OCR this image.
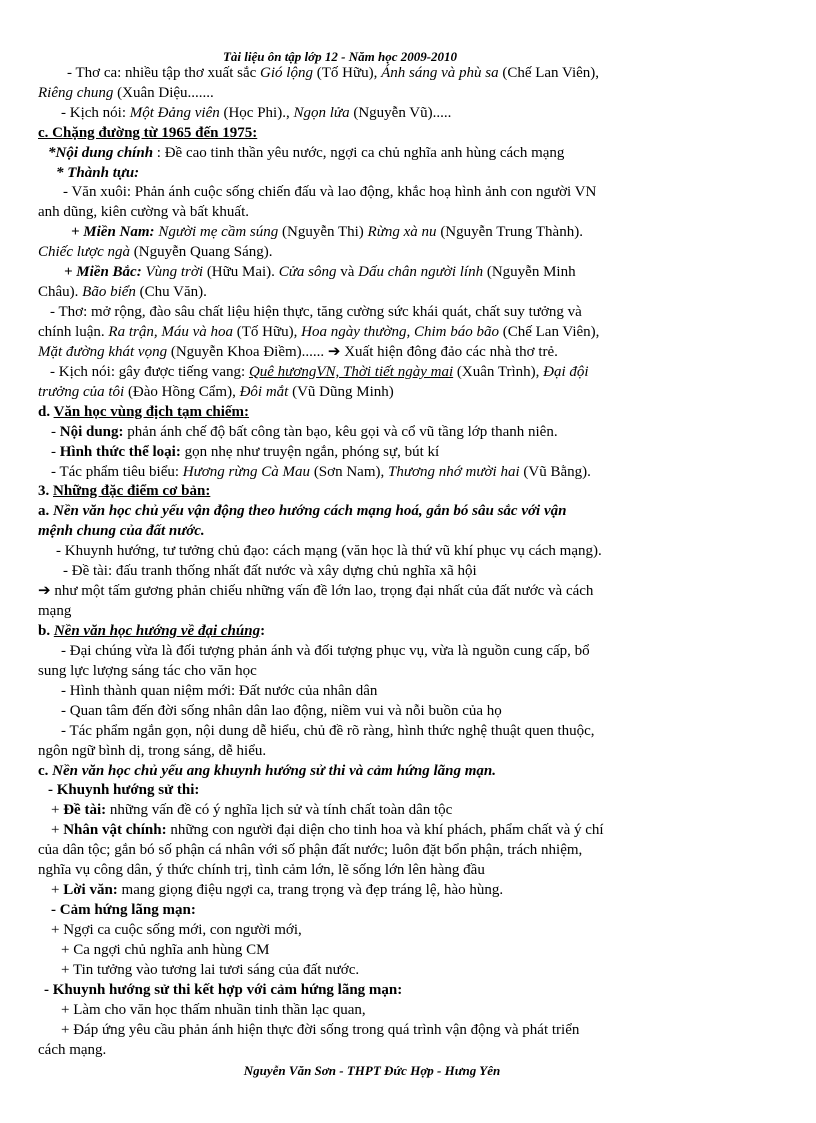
Tài liệu ôn tập lớp 12 - Năm học 2009-2010
- Thơ ca: nhiều tập thơ xuất sắc Gió lộng (Tố Hữu), Ánh sáng và phù sa (Chế Lan Viên),
Riêng chung (Xuân Diệu.......
- Kịch nói: Một Đảng viên (Học Phi)., Ngọn lửa (Nguyễn Vũ).....
c. Chặng đường từ 1965 đến 1975:
*Nội dung chính : Đề cao tinh thần yêu nước, ngợi ca chủ nghĩa anh hùng cách mạng
* Thành tựu:
- Văn xuôi: Phản ánh cuộc sống chiến đấu và lao động, khắc hoạ hình ảnh con người VN
anh dũng, kiên cường và bất khuất.
+ Miền Nam: Người mẹ cầm súng (Nguyễn Thi) Rừng xà nu (Nguyễn Trung Thành).
Chiếc lược ngà (Nguyễn Quang Sáng).
+ Miền Bắc: Vùng trời (Hữu Mai). Cửa sông và Dấu chân người lính (Nguyễn Minh
Châu). Bão biển (Chu Văn).
- Thơ: mở rộng, đào sâu chất liệu hiện thực, tăng cường sức khái quát, chất suy tưởng và
chính luận. Ra trận, Máu và hoa (Tố Hữu), Hoa ngày thường, Chim báo bão (Chế Lan Viên),
Mặt đường khát vọng (Nguyễn Khoa Điềm)...... ➔ Xuất hiện đông đảo các nhà thơ trẻ.
- Kịch nói: gây được tiếng vang: Quê hươngVN, Thời tiết ngày mai (Xuân Trình), Đại đội
trưởng của tôi (Đào Hồng Cẩm), Đôi mắt (Vũ Dũng Minh)
d. Văn học vùng địch tạm chiếm:
- Nội dung: phản ánh chế độ bất công tàn bạo, kêu gọi và cổ vũ tầng lớp thanh niên.
- Hình thức thể loại: gọn nhẹ như truyện ngắn, phóng sự, bút kí
- Tác phẩm tiêu biểu: Hương rừng Cà Mau (Sơn Nam), Thương nhớ mười hai (Vũ Bằng).
3. Những đặc điểm cơ bản:
a. Nền văn học chủ yếu vận động theo hướng cách mạng hoá, gắn bó sâu sắc với vận
mệnh chung của đất nước.
- Khuynh hướng, tư tưởng chủ đạo: cách mạng (văn học là thứ vũ khí phục vụ cách mạng).
- Đề tài: đấu tranh thống nhất đất nước và xây dựng chủ nghĩa xã hội
➔ như một tấm gương phản chiếu những vấn đề lớn lao, trọng đại nhất của đất nước và cách
mạng
b. Nền văn học hướng về đại chúng:
- Đại chúng vừa là đối tượng phản ánh và đối tượng phục vụ, vừa là nguồn cung cấp, bổ
sung lực lượng sáng tác cho văn học
- Hình thành quan niệm mới: Đất nước của nhân dân
- Quan tâm đến đời sống nhân dân lao động, niềm vui và nỗi buồn của họ
- Tác phẩm ngắn gọn, nội dung dễ hiểu, chủ đề rõ ràng, hình thức nghệ thuật quen thuộc,
ngôn ngữ bình dị, trong sáng, dễ hiểu.
c. Nền văn học chủ yếu ang khuynh hướng sử thi và cảm hứng lãng mạn.
- Khuynh hướng sử thi:
+ Đề tài: những vấn đề có ý nghĩa lịch sử và tính chất toàn dân tộc
+ Nhân vật chính: những con người đại diện cho tinh hoa và khí phách, phẩm chất và ý chí
của dân tộc; gắn bó số phận cá nhân với số phận đất nước; luôn đặt bổn phận, trách nhiệm,
nghĩa vụ công dân, ý thức chính trị, tình cảm lớn, lẽ sống lớn lên hàng đầu
+ Lời văn: mang giọng điệu ngợi ca, trang trọng và đẹp tráng lệ, hào hùng.
- Cảm hứng lãng mạn:
+ Ngợi ca cuộc sống mới, con người mới,
+ Ca ngợi chủ nghĩa anh hùng CM
+ Tin tưởng vào tương lai tươi sáng của đất nước.
- Khuynh hướng sử thi kết hợp với cảm hứng lãng mạn:
+ Làm cho văn học thấm nhuần tinh thần lạc quan,
+ Đáp ứng yêu cầu phản ánh hiện thực đời sống trong quá trình vận động và phát triển
cách mạng.
Nguyễn Văn Sơn - THPT Đức Hợp - Hưng Yên
